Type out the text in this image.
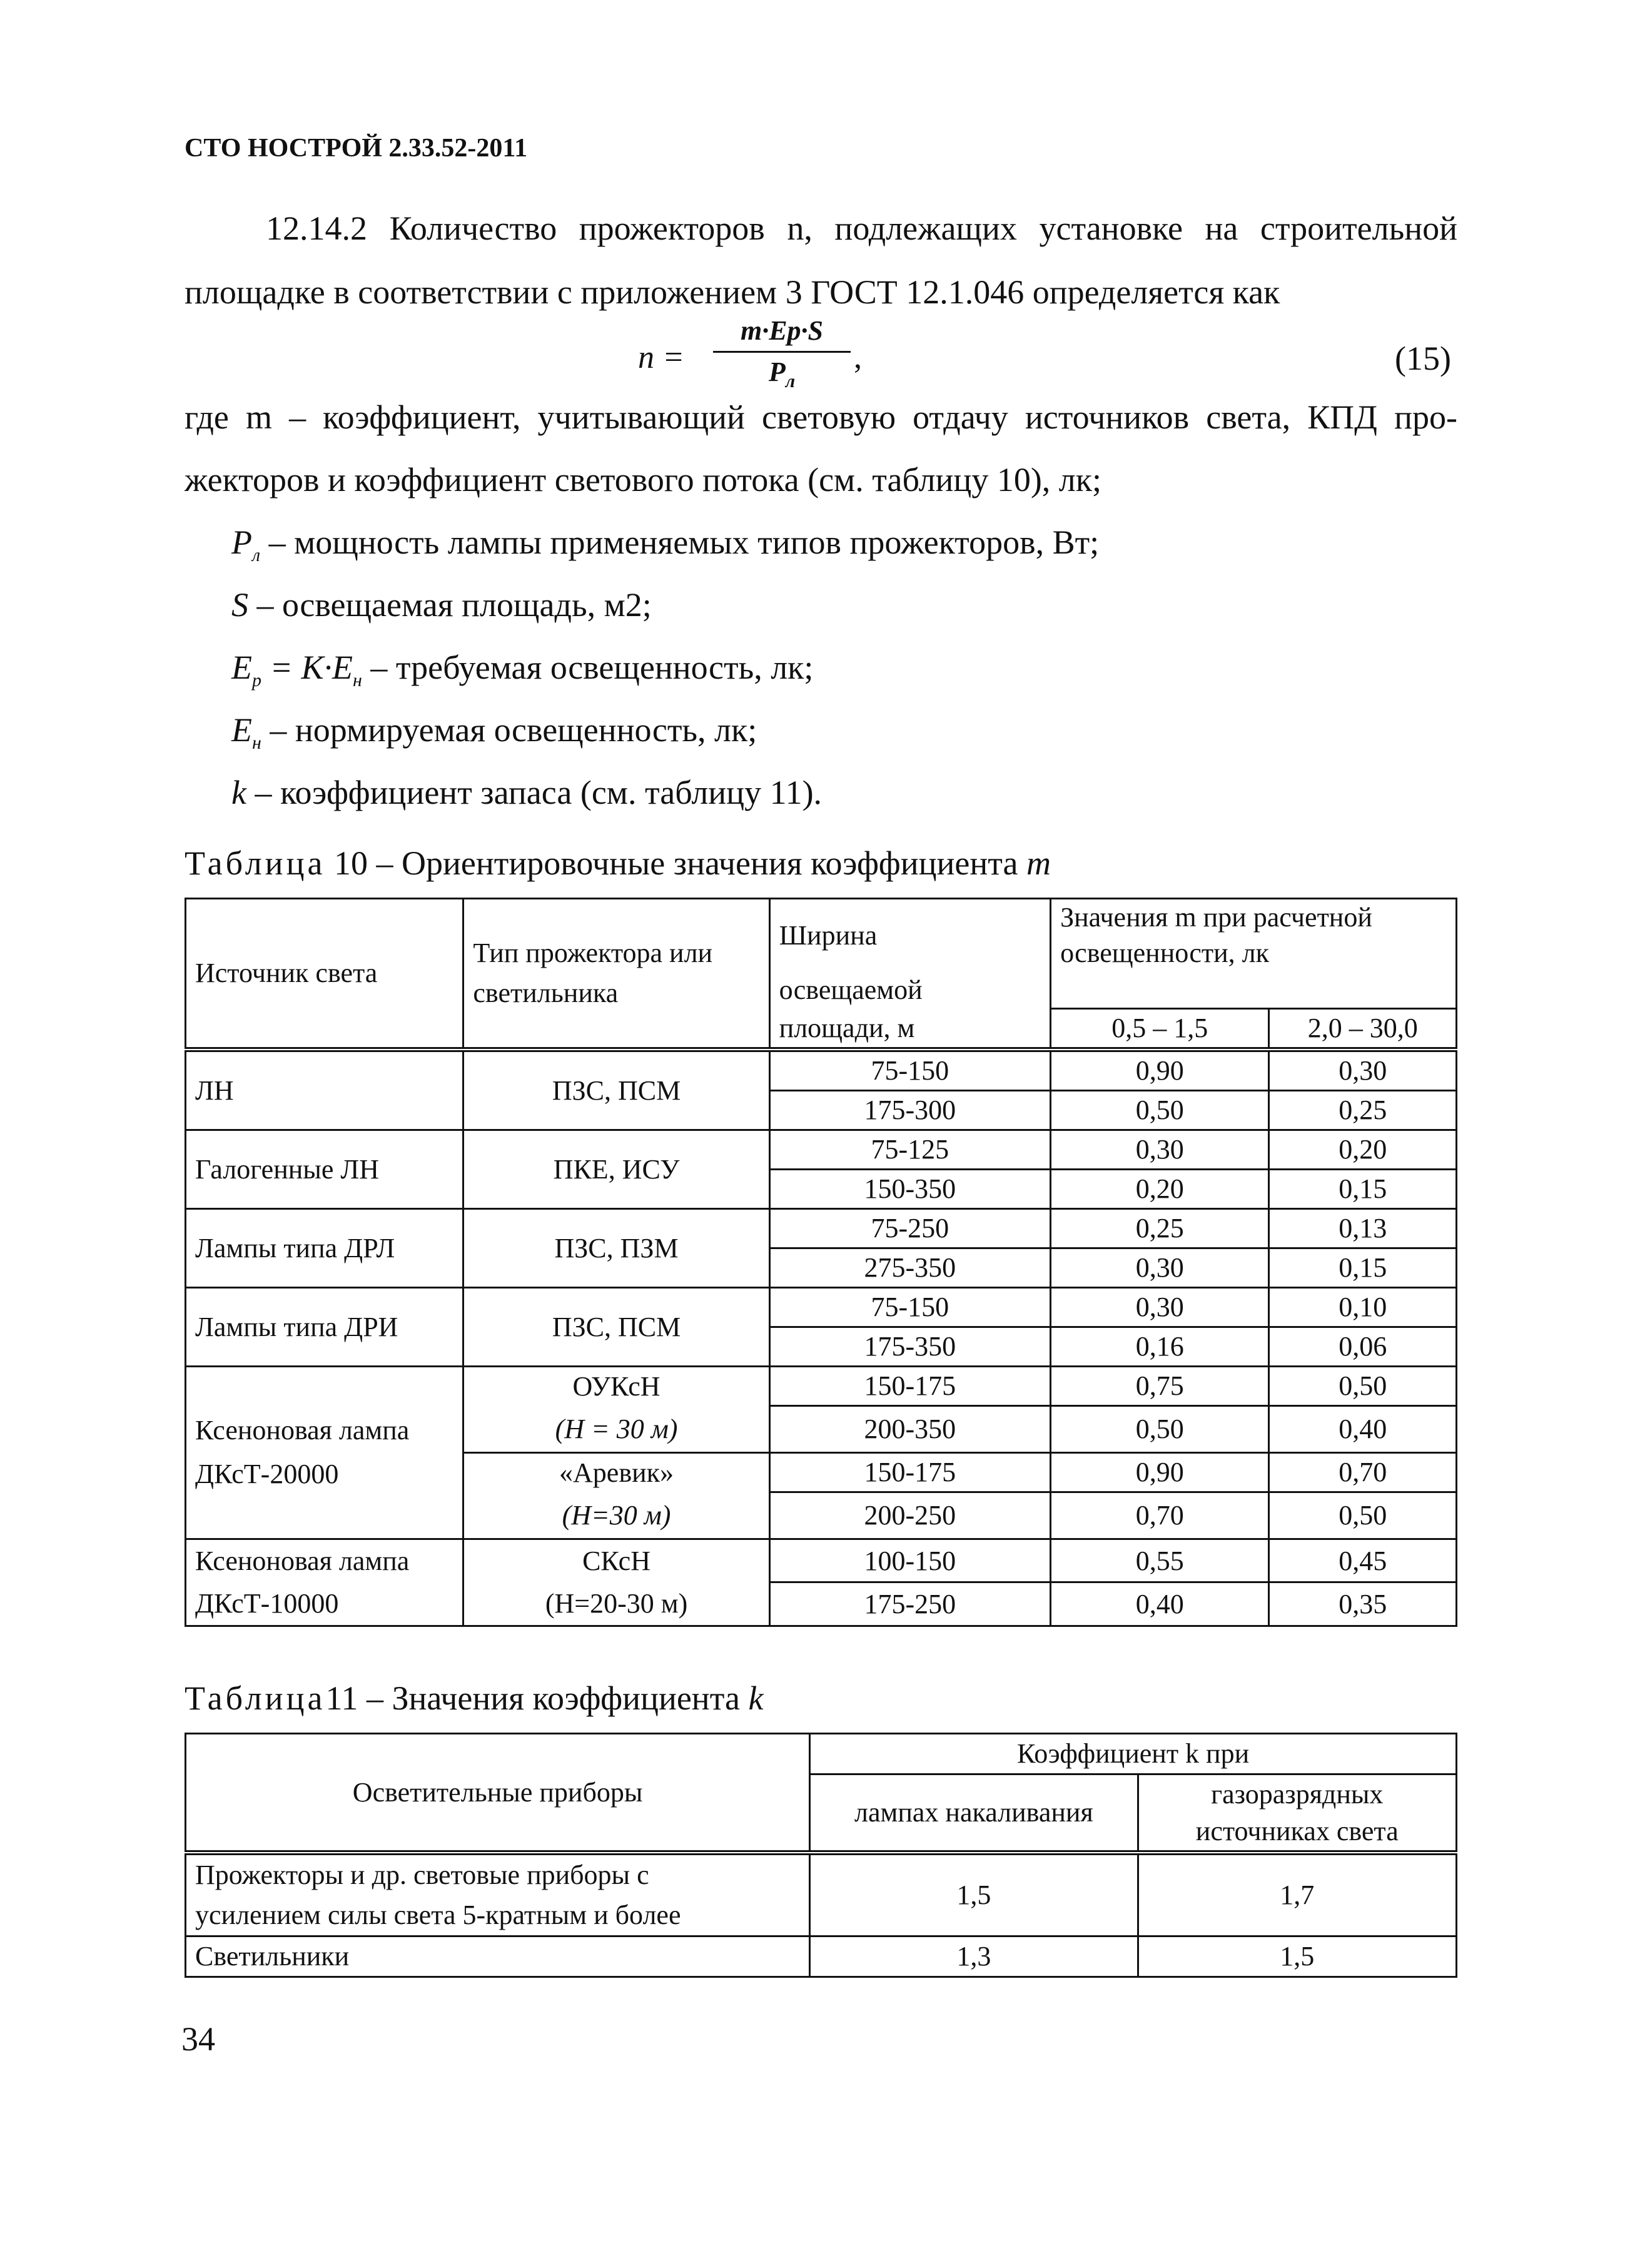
СТО НОСТРОЙ 2.33.52-2011
12.14.2 Количество прожекторов n, подлежащих установке на строительной
площадке в соответствии с приложением 3 ГОСТ 12.1.046 определяется как
n =
m·Ep·S
$P_л$
,	(15)
где m – коэффициент, учитывающий световую отдачу источников света, КПД про-
жекторов и коэффициент светового потока (см. таблицу 10), лк;
$P_л$ – мощность лампы применяемых типов прожекторов, Вт;
S – освещаемая площадь, м2;
$E_р = K\cdot E_н$ – требуемая освещенность, лк;
$E_н$ – нормируемая освещенность, лк;
k – коэффициент запаса (см. таблицу 11).
Таблица 10 – Ориентировочные значения коэффициента m
Источник света	Тип прожектора или светильника	Ширина	Значения m при расчетной освещенности, лк	
		освещаемой		
		площади, м	0,5 – 1,5	2,0 – 30,0
ЛН	ПЗС, ПСМ	75-150	0,90	0,30
		175-300	0,50	0,25
Галогенные ЛН	ПКЕ, ИСУ	75-125	0,30	0,20
		150-350	0,20	0,15
Лампы типа ДРЛ	ПЗС, ПЗМ	75-250	0,25	0,13
		275-350	0,30	0,15
Лампы типа ДРИ	ПЗС, ПСМ	75-150	0,30	0,10
		175-350	0,16	0,06
Ксеноновая лампа
ДКсТ-20000	ОУКсН	150-175	0,75	0,50
	(H = 30 м)	200-350	0,50	0,40
	«Аревик»	150-175	0,90	0,70
	(H=30 м)	200-250	0,70	0,50
Ксеноновая лампа	СКсН	100-150	0,55	0,45
ДКсТ-10000	(Н=20-30 м)	175-250	0,40	0,35
Таблица11 – Значения коэффициента k
Осветительные приборы	Коэффициент k при	
	лампах накаливания	газоразрядных
источниках света
Прожекторы и др. световые приборы с
усилением силы света 5-кратным и более	1,5	1,7
Светильники	1,3	1,5
34
